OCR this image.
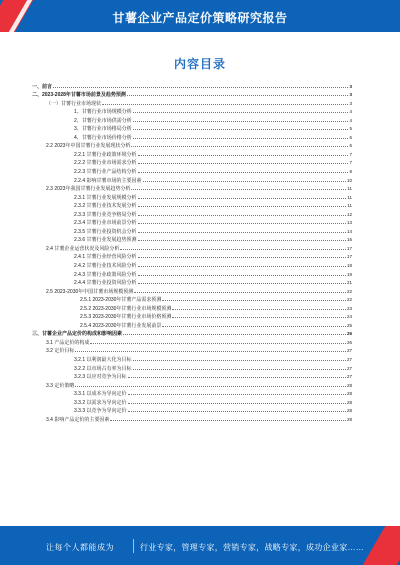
甘薯企业产品定价策略研究报告
内容目录
一、前言	3
二、2023-2028年甘薯市场前景及趋势预测	3
（一）甘薯行业市场现状	3
1、甘薯行业市场规模分析	4
2、甘薯行业市场供需分析	4
3、甘薯行业市场格局分析	5
4、甘薯行业市场价格分析	6
2.2 2023年中国甘薯行业发展现状分析	6
2.2.1 甘薯行业政策环境分析	7
2.2.2 甘薯行业市场需求分析	7
2.2.3 甘薯行业产品结构分析	8
2.2.4 影响甘薯市场的主要因素	10
2.3 2023年我国甘薯行业发展趋势分析	11
2.3.1 甘薯行业发展规模分析	11
2.3.2 甘薯行业技术发展分析	11
2.3.3 甘薯行业竞争格局分析	12
2.3.4 甘薯行业市场前景分析	13
2.3.5 甘薯行业投资机会分析	14
2.3.6 甘薯行业发展趋势预测	16
2.4 甘薯企业运营状况及风险分析	17
2.4.1 甘薯行业经营风险分析	17
2.4.2 甘薯行业技术风险分析	18
2.4.3 甘薯行业政策风险分析	19
2.4.4 甘薯行业投资风险分析	21
2.5 2023-2030年中国甘薯市场规模预测	22
2.5.1 2023-2030年甘薯产品需求预测	22
2.5.2 2023-2030年甘薯行业市场规模预测	23
2.5.3 2023-2030年甘薯行业市场价格预测	24
2.5.4 2023-2030年甘薯行业发展前景	25
三、甘薯企业产品定价的构成和影响因素	26
3.1 产品定价的构成	26
3.2 定价目标	27
3.2.1 以利润最大化为目标	27
3.2.2 以市场占有率为目标	27
3.2.3 以应对竞争为目标	27
3.3 定价策略	28
3.3.1 以成本为导向定价	28
3.3.2 以需求为导向定价	28
3.3.3 以竞争为导向定价	28
3.4 影响产品定价的主要因素	28
让每个人都能成为	行业专家，管理专家，营销专家，战略专家，成功企业家……
